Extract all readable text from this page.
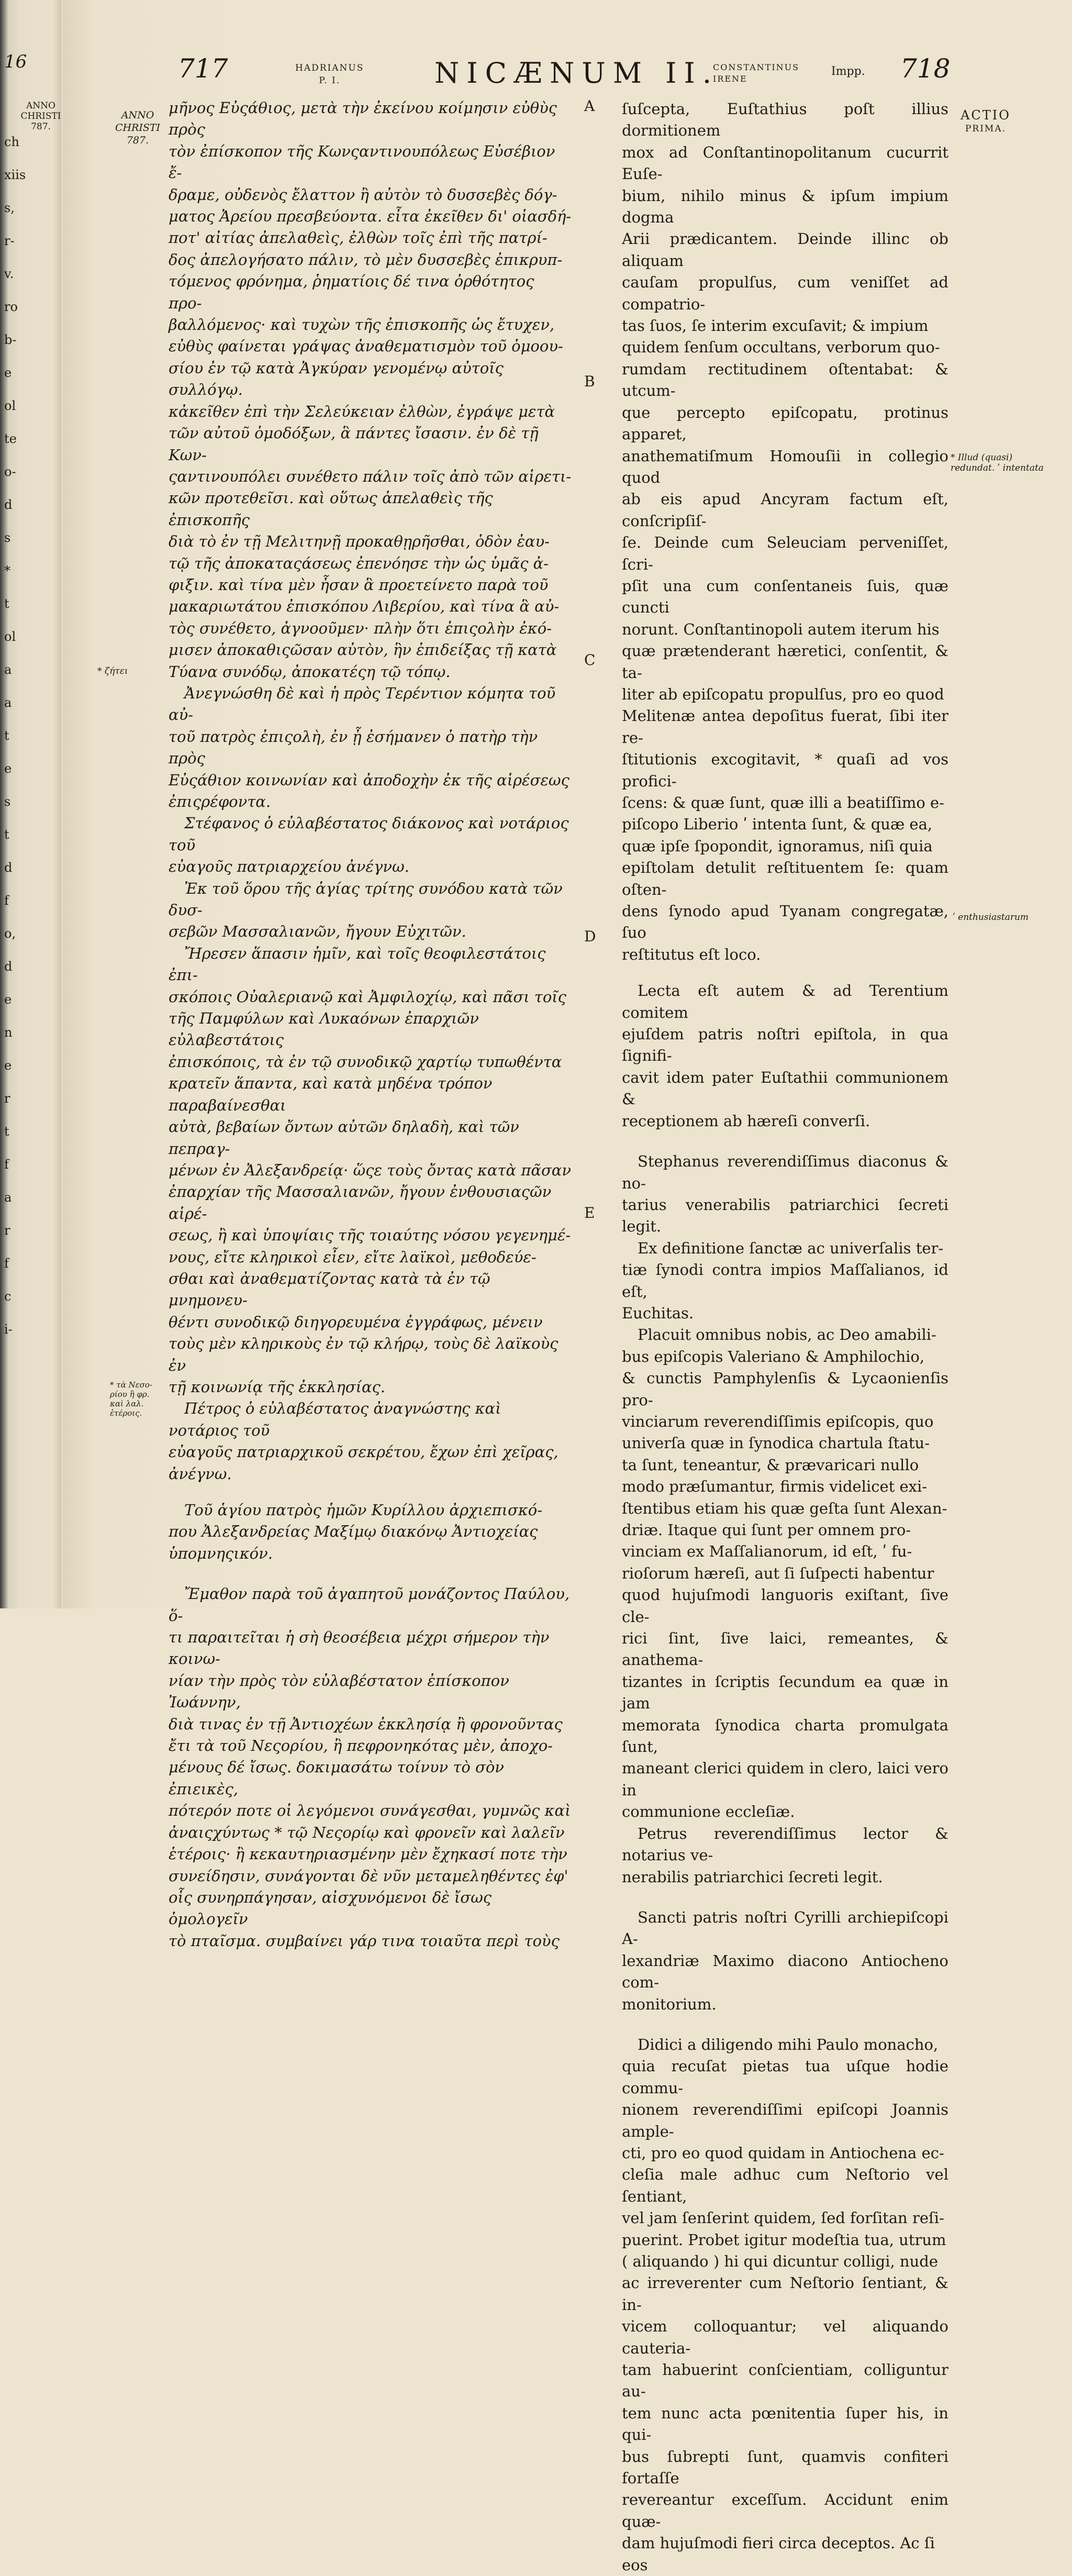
16
ANNO CHRISTI 787.
ch
xiis
s,
r-
v.
ro
b-
e
ol
te
o-
d
s
*
t
ol
a
a
t
e
s
t
d
f
o,
d
e
n
e
r
t
f
a
r
f
c
i-
717	HADRIANUS
P. I.	NICÆNUM II.
CONSTANTINUS
IRENE
Impp. 718
ANNO CHRISTI 787.
ACTIO
PRIMA.
* Illud (quasi) redundat. ʹ intentata
* ζήτει
ʹ enthusiastarum
* τὰ Νεσο-ρίου ἢ φρ. καὶ λαλ. ἑτέροις.
A
B
C
D
E

μῆνος Εὐςάθιος, μετὰ τὴν ἐκείνου κοίμησιν εὐθὺς πρὸς

τὸν ἐπίσκοπον τῆς Κωνςαντινουπόλεως Εὐσέβιον ἔ-

δραμε, οὐδενὸς ἔλαττον ἢ αὐτὸν τὸ δυσσεβὲς δόγ-

ματος Ἀρείου πρεσβεύοντα. εἶτα ἐκεῖθεν δι' οἱασδή-

ποτ' αἰτίας ἀπελαθεὶς, ἐλθὼν τοῖς ἐπὶ τῆς πατρί-

δος ἀπελογήσατο πάλιν, τὸ μὲν δυσσεβὲς ἐπικρυπ-

τόμενος φρόνημα, ῥηματίοις δέ τινα ὀρθότητος προ-

βαλλόμενος· καὶ τυχὼν τῆς ἐπισκοπῆς ὡς ἔτυχεν,

εὐθὺς φαίνεται γράψας ἀναθεματισμὸν τοῦ ὁμοου-

σίου ἐν τῷ κατὰ Ἀγκύραν γενομένῳ αὐτοῖς συλλόγῳ.

κἀκεῖθεν ἐπὶ τὴν Σελεύκειαν ἐλθὼν, ἐγράψε μετὰ

τῶν αὐτοῦ ὁμοδόξων, ἃ πάντες ἴσασιν. ἐν δὲ τῇ Κων-

ςαντινουπόλει συνέθετο πάλιν τοῖς ἀπὸ τῶν αἱρετι-

κῶν προτεθεῖσι. καὶ οὕτως ἀπελαθεὶς τῆς ἐπισκοπῆς

διὰ τὸ ἐν τῇ Μελιτηνῇ προκαθῃρῆσθαι, ὁδὸν ἑαυ-

τῷ τῆς ἀποκαταςάσεως ἐπενόησε τὴν ὡς ὑμᾶς ἀ-

φιξιν. καὶ τίνα μὲν ἦσαν ἃ προετείνετο παρὰ τοῦ

μακαριωτάτου ἐπισκόπου Λιβερίου, καὶ τίνα ἃ αὐ-

τὸς συνέθετο, ἀγνοοῦμεν· πλὴν ὅτι ἐπιςολὴν ἐκό-

μισεν ἀποκαθιςῶσαν αὐτὸν, ἣν ἐπιδείξας τῇ κατὰ

Τύανα συνόδῳ, ἀποκατέςη τῷ τόπῳ.

Ἀνεγνώσθη δὲ καὶ ἡ πρὸς Τερέντιον κόμητα τοῦ αὐ-

τοῦ πατρὸς ἐπιςολὴ, ἐν ᾗ ἐσήμανεν ὁ πατὴρ τὴν πρὸς

Εὐςάθιον κοινωνίαν καὶ ἀποδοχὴν ἐκ τῆς αἱρέσεως

ἐπιςρέφοντα.

Στέφανος ὁ εὐλαβέστατος διάκονος καὶ νοτάριος τοῦ

εὐαγοῦς πατριαρχείου ἀνέγνω.

Ἐκ τοῦ ὅρου τῆς ἁγίας τρίτης συνόδου κατὰ τῶν δυσ-

σεβῶν Μασσαλιανῶν, ἤγουν Εὐχιτῶν.

Ἤρεσεν ἅπασιν ἡμῖν, καὶ τοῖς θεοφιλεστάτοις ἐπι-

σκόποις Οὐαλεριανῷ καὶ Ἀμφιλοχίῳ, καὶ πᾶσι τοῖς

τῆς Παμφύλων καὶ Λυκαόνων ἐπαρχιῶν εὐλαβεστάτοις

ἐπισκόποις, τὰ ἐν τῷ συνοδικῷ χαρτίῳ τυπωθέντα

κρατεῖν ἅπαντα, καὶ κατὰ μηδένα τρόπον παραβαίνεσθαι

αὐτὰ, βεβαίων ὄντων αὐτῶν δηλαδὴ, καὶ τῶν πεπραγ-

μένων ἐν Ἀλεξανδρείᾳ· ὥςε τοὺς ὄντας κατὰ πᾶσαν

ἐπαρχίαν τῆς Μασσαλιανῶν, ἤγουν ἐνθουσιαςῶν αἱρέ-

σεως, ἢ καὶ ὑποψίαις τῆς τοιαύτης νόσου γεγενημέ-

νους, εἴτε κληρικοὶ εἶεν, εἴτε λαϊκοὶ, μεθοδεύε-

σθαι καὶ ἀναθεματίζοντας κατὰ τὰ ἐν τῷ μνημονευ-

θέντι συνοδικῷ διηγορευμένα ἐγγράφως, μένειν

τοὺς μὲν κληρικοὺς ἐν τῷ κλήρῳ, τοὺς δὲ λαϊκοὺς ἐν

τῇ κοινωνίᾳ τῆς ἐκκλησίας.

Πέτρος ὁ εὐλαβέστατος ἀναγνώστης καὶ νοτάριος τοῦ

εὐαγοῦς πατριαρχικοῦ σεκρέτου, ἔχων ἐπὶ χεῖρας,

ἀνέγνω.

Τοῦ ἁγίου πατρὸς ἡμῶν Κυρίλλου ἀρχιεπισκό-

που Ἀλεξανδρείας Μαξίμῳ διακόνῳ Ἀντιοχείας

ὑπομνηςικόν.

Ἔμαθον παρὰ τοῦ ἀγαπητοῦ μονάζοντος Παύλου, ὅ-

τι παραιτεῖται ἡ σὴ θεοσέβεια μέχρι σήμερον τὴν κοινω-

νίαν τὴν πρὸς τὸν εὐλαβέστατον ἐπίσκοπον Ἰωάννην,

διὰ τινας ἐν τῇ Ἀντιοχέων ἐκκλησίᾳ ἢ φρονοῦντας

ἔτι τὰ τοῦ Νεςορίου, ἢ πεφρονηκότας μὲν, ἀποχο-

μένους δέ ἴσως. δοκιμασάτω τοίνυν τὸ σὸν ἐπιεικὲς,

πότερόν ποτε οἱ λεγόμενοι συνάγεσθαι, γυμνῶς καὶ

ἀναιςχύντως * τῷ Νεςορίῳ καὶ φρονεῖν καὶ λαλεῖν

ἑτέροις· ἢ κεκαυτηριασμένην μὲν ἔχηκασί ποτε τὴν

συνείδησιν, συνάγονται δὲ νῦν μεταμεληθέντες ἐφ'

οἷς συνηρπάγησαν, αἰσχυνόμενοι δὲ ἴσως ὁμολογεῖν

τὸ πταῖσμα. συμβαίνει γάρ τινα τοιαῦτα περὶ τοὺς

ſuſcepta, Euſtathius poſt illius dormitionem

mox ad Conſtantinopolitanum cucurrit Euſe-

bium, nihilo minus & ipſum impium dogma

Arii prædicantem. Deinde illinc ob aliquam

cauſam propulſus, cum veniſſet ad compatrio-

tas ſuos, ſe interim excuſavit; & impium

quidem ſenſum occultans, verborum quo-

rumdam rectitudinem oſtentabat: & utcum-

que percepto epiſcopatu, protinus apparet,

anathematiſmum Homouſii in collegio quod

ab eis apud Ancyram factum eſt, conſcripſiſ-

ſe. Deinde cum Seleuciam perveniſſet, ſcri-

pſit una cum conſentaneis ſuis, quæ cuncti

norunt. Conſtantinopoli autem iterum his

quæ prætenderant hæretici, conſentit, & ta-

liter ab epiſcopatu propulſus, pro eo quod

Melitenæ antea depoſitus fuerat, ſibi iter re-

ſtitutionis excogitavit, * quaſi ad vos profici-

ſcens: & quæ ſunt, quæ illi a beatiſſimo e-

piſcopo Liberio ʹ intenta ſunt, & quæ ea,

quæ ipſe ſpopondit, ignoramus, niſi quia

epiſtolam detulit reſtituentem ſe: quam oſten-

dens ſynodo apud Tyanam congregatæ, ſuo

reſtitutus eſt loco.

Lecta eſt autem & ad Terentium comitem

ejuſdem patris noſtri epiſtola, in qua ſignifi-

cavit idem pater Euſtathii communionem &

receptionem ab hæreſi converſi.

Stephanus reverendiſſimus diaconus & no-

tarius venerabilis patriarchici ſecreti legit.

Ex definitione ſanctæ ac univerſalis ter-

tiæ ſynodi contra impios Maſſalianos, id eſt,

Euchitas.

Placuit omnibus nobis, ac Deo amabili-

bus epiſcopis Valeriano & Amphilochio,

& cunctis Pamphylenſis & Lycaonienſis pro-

vinciarum reverendiſſimis epiſcopis, quo

univerſa quæ in ſynodica chartula ſtatu-

ta ſunt, teneantur, & prævaricari nullo

modo præſumantur, firmis videlicet exi-

ſtentibus etiam his quæ geſta ſunt Alexan-

driæ. Itaque qui ſunt per omnem pro-

vinciam ex Maſſalianorum, id eſt, ʹ fu-

rioſorum hæreſi, aut ſi ſuſpecti habentur

quod hujuſmodi languoris exiſtant, ſive cle-

rici ſint, ſive laici, remeantes, & anathema-

tizantes in ſcriptis ſecundum ea quæ in jam

memorata ſynodica charta promulgata ſunt,

maneant clerici quidem in clero, laici vero in

communione eccleſiæ.

Petrus reverendiſſimus lector & notarius ve-

nerabilis patriarchici ſecreti legit.

Sancti patris noſtri Cyrilli archiepiſcopi A-

lexandriæ Maximo diacono Antiocheno com-

monitorium.

Didici a diligendo mihi Paulo monacho,

quia recuſat pietas tua uſque hodie commu-

nionem reverendiſſimi epiſcopi Joannis ample-

cti, pro eo quod quidam in Antiochena ec-

cleſia male adhuc cum Neſtorio vel ſentiant,

vel jam ſenſerint quidem, ſed forſitan reſi-

puerint. Probet igitur modeſtia tua, utrum

( aliquando ) hi qui dicuntur colligi, nude

ac irreverenter cum Neſtorio ſentiant, & in-

vicem colloquantur; vel aliquando cauteria-

tam habuerint conſcientiam, colliguntur au-

tem nunc acta pœnitentia ſuper his, in qui-

bus ſubrepti ſunt, quamvis confiteri fortaſſe

revereantur exceſſum. Accidunt enim quæ-

dam hujuſmodi fieri circa deceptos. Ac ſi

eos
